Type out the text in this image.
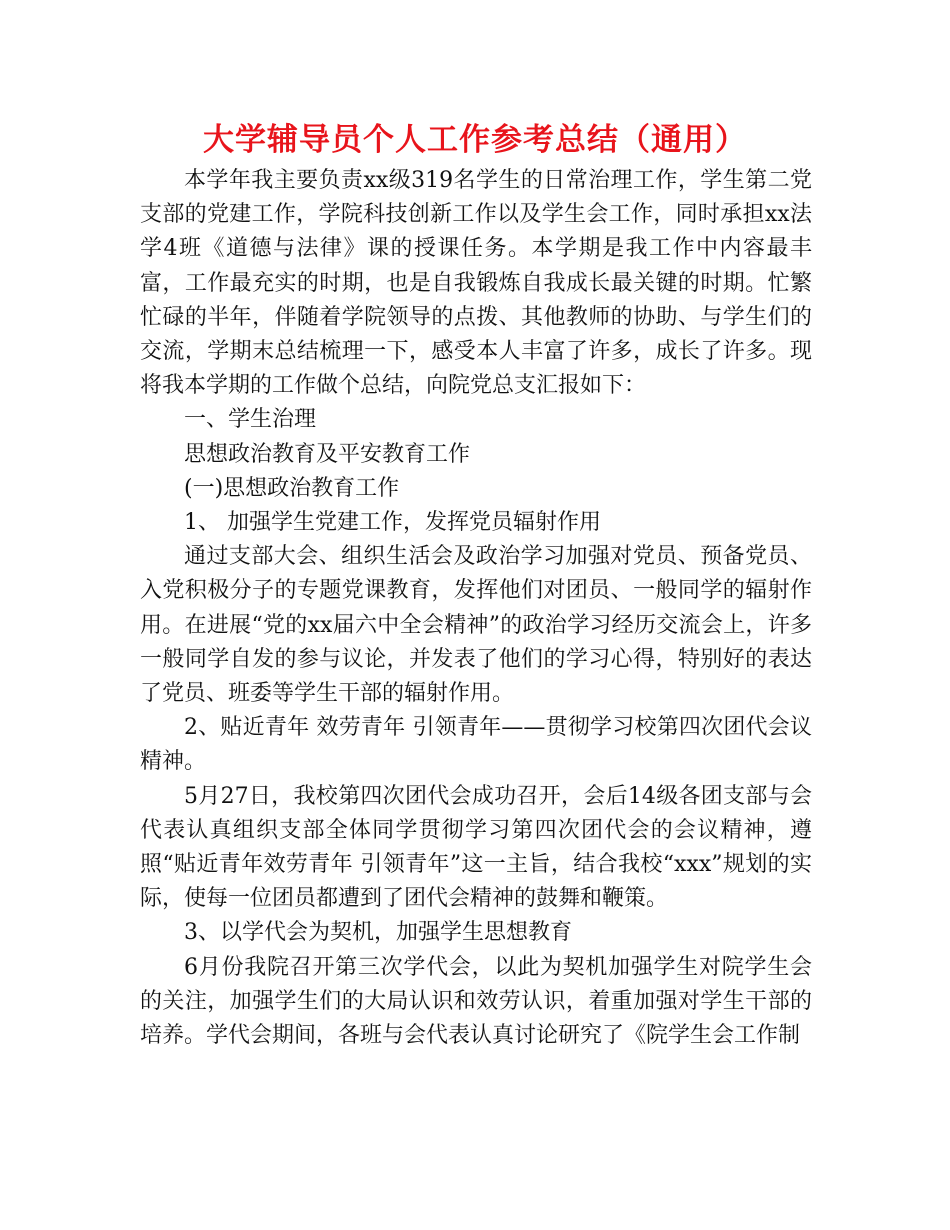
大学辅导员个人工作参考总结（通用）

本学年我主要负责xx级319名学生的日常治理工作，学生第二党支部的党建工作，学院科技创新工作以及学生会工作，同时承担xx法学4班《道德与法律》课的授课任务。本学期是我工作中内容最丰富，工作最充实的时期，也是自我锻炼自我成长最关键的时期。忙繁忙碌的半年，伴随着学院领导的点拨、其他教师的协助、与学生们的交流，学期末总结梳理一下，感受本人丰富了许多，成长了许多。现将我本学期的工作做个总结，向院党总支汇报如下：

一、学生治理

思想政治教育及平安教育工作

(一)思想政治教育工作

1、 加强学生党建工作，发挥党员辐射作用

通过支部大会、组织生活会及政治学习加强对党员、预备党员、入党积极分子的专题党课教育，发挥他们对团员、一般同学的辐射作用。在进展“党的xx届六中全会精神”的政治学习经历交流会上，许多一般同学自发的参与议论，并发表了他们的学习心得，特别好的表达了党员、班委等学生干部的辐射作用。

2、贴近青年 效劳青年 引领青年——贯彻学习校第四次团代会议精神。

5月27日，我校第四次团代会成功召开，会后14级各团支部与会代表认真组织支部全体同学贯彻学习第四次团代会的会议精神，遵照“贴近青年效劳青年 引领青年”这一主旨，结合我校“xxx”规划的实际，使每一位团员都遭到了团代会精神的鼓舞和鞭策。

3、以学代会为契机，加强学生思想教育

6月份我院召开第三次学代会，以此为契机加强学生对院学生会的关注，加强学生们的大局认识和效劳认识，着重加强对学生干部的培养。学代会期间，各班与会代表认真讨论研究了《院学生会工作制
